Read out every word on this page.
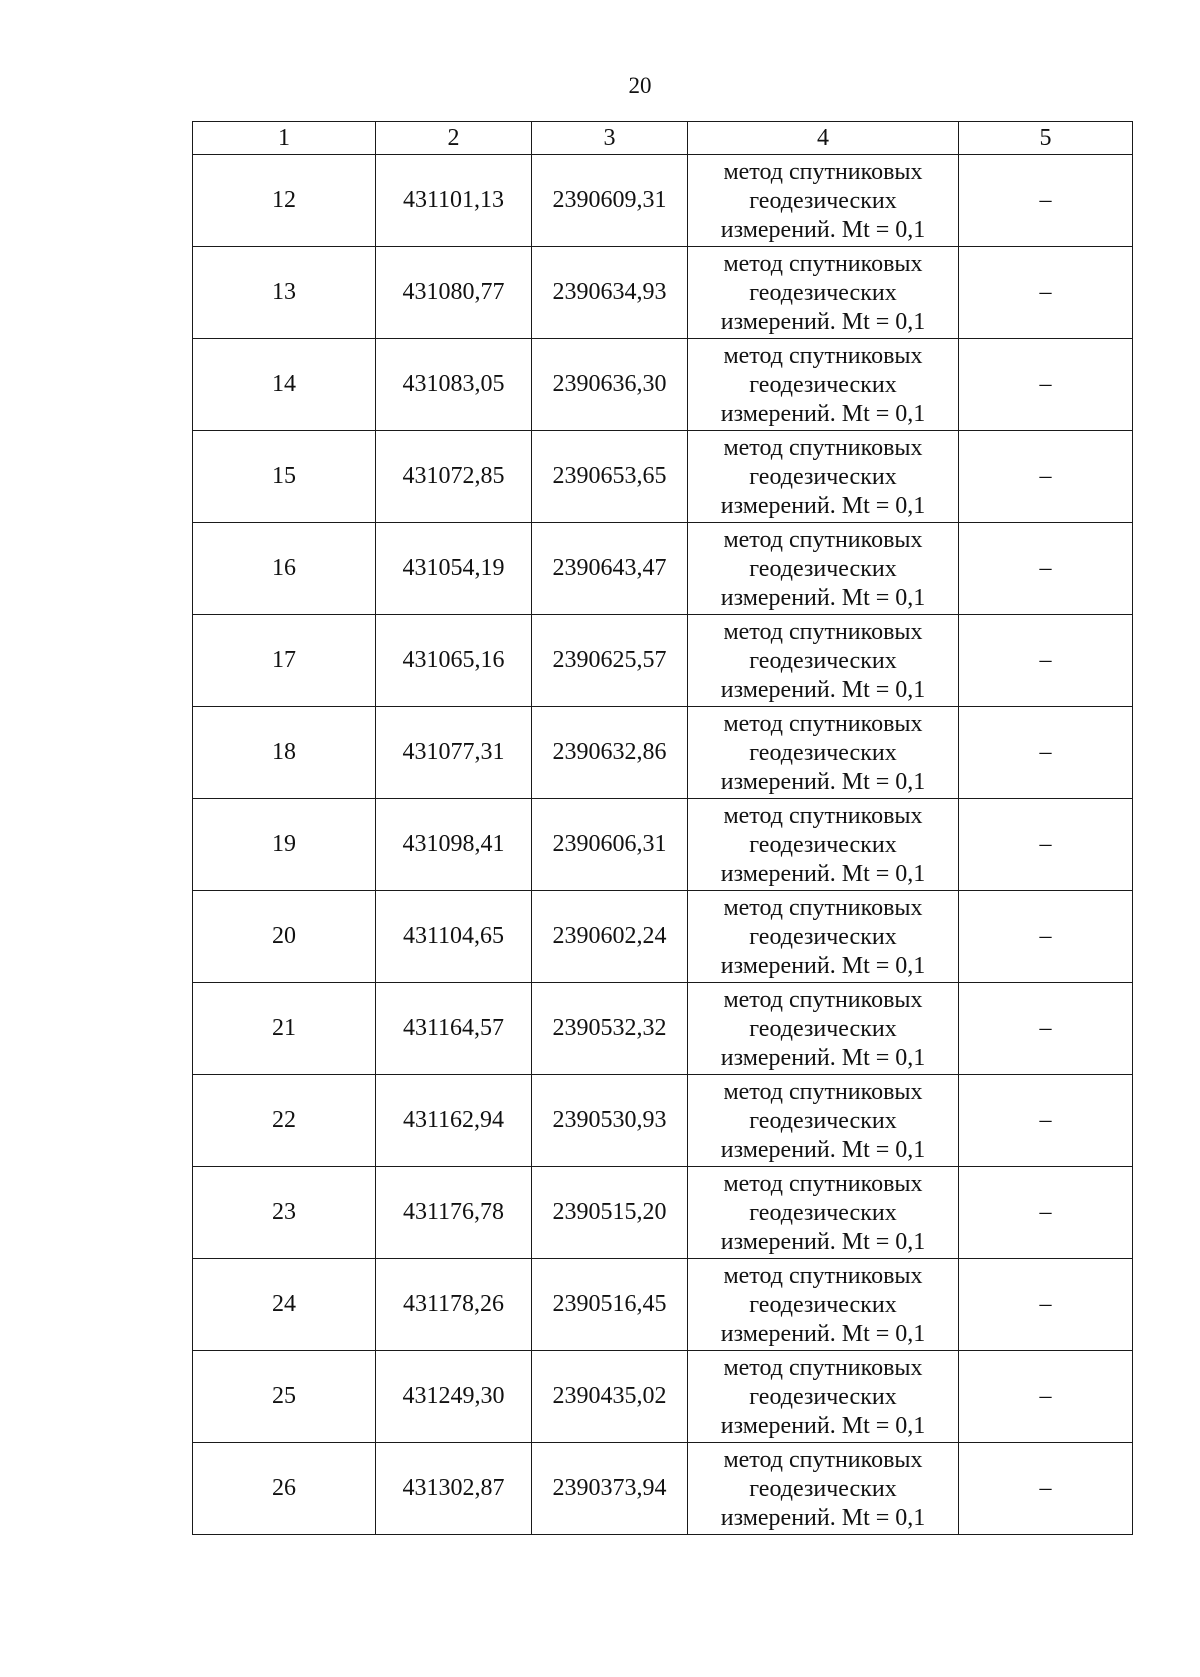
20
1	2	3	4	5
12	431101,13	2390609,31	метод спутниковых
геодезических
измерений. Mt = 0,1	–
13	431080,77	2390634,93	метод спутниковых
геодезических
измерений. Mt = 0,1	–
14	431083,05	2390636,30	метод спутниковых
геодезических
измерений. Mt = 0,1	–
15	431072,85	2390653,65	метод спутниковых
геодезических
измерений. Mt = 0,1	–
16	431054,19	2390643,47	метод спутниковых
геодезических
измерений. Mt = 0,1	–
17	431065,16	2390625,57	метод спутниковых
геодезических
измерений. Mt = 0,1	–
18	431077,31	2390632,86	метод спутниковых
геодезических
измерений. Mt = 0,1	–
19	431098,41	2390606,31	метод спутниковых
геодезических
измерений. Mt = 0,1	–
20	431104,65	2390602,24	метод спутниковых
геодезических
измерений. Mt = 0,1	–
21	431164,57	2390532,32	метод спутниковых
геодезических
измерений. Mt = 0,1	–
22	431162,94	2390530,93	метод спутниковых
геодезических
измерений. Mt = 0,1	–
23	431176,78	2390515,20	метод спутниковых
геодезических
измерений. Mt = 0,1	–
24	431178,26	2390516,45	метод спутниковых
геодезических
измерений. Mt = 0,1	–
25	431249,30	2390435,02	метод спутниковых
геодезических
измерений. Mt = 0,1	–
26	431302,87	2390373,94	метод спутниковых
геодезических
измерений. Mt = 0,1	–
